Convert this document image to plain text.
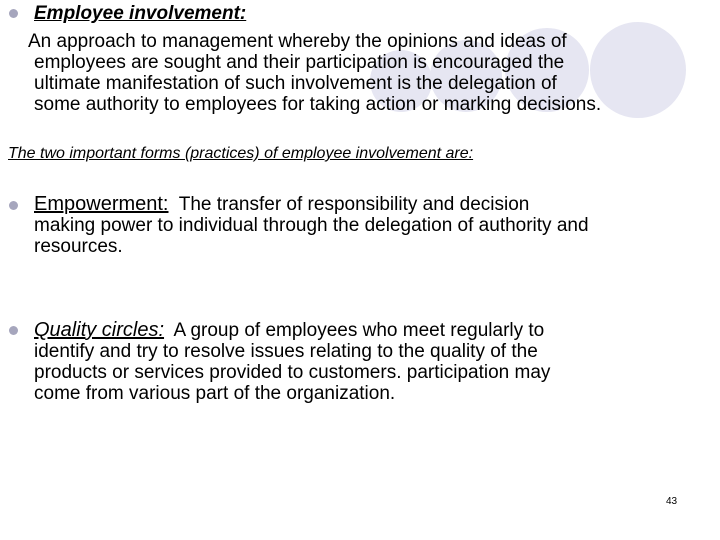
Employee involvement:

An approach to management whereby the opinions and ideas of
employees are sought and their participation is encouraged the
ultimate manifestation of such involvement is the delegation of
some authority to employees for taking action or marking decisions.

The two important forms (practices) of employee involvement are:

Empowerment: The transfer of responsibility and decision
making power to individual through the delegation of authority and
resources.

Quality circles: A group of employees who meet regularly to
identify and try to resolve issues relating to the quality of the
products or services provided to customers. participation may
come from various part of the organization.

43
